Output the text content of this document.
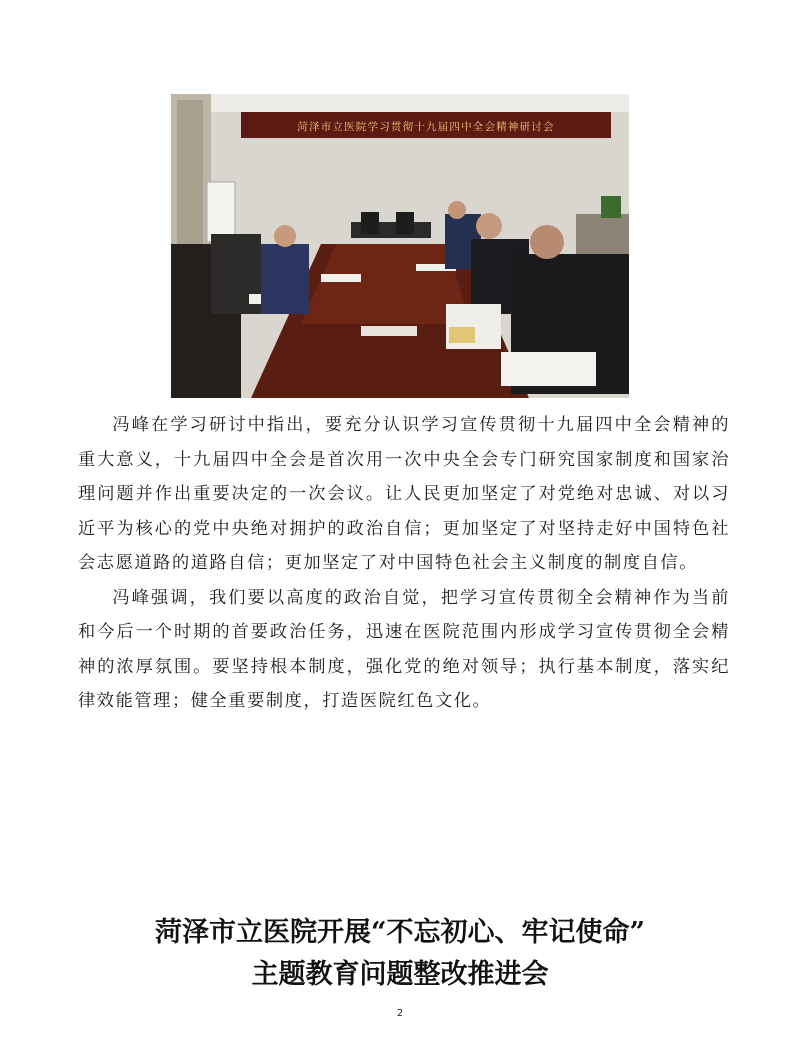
菏泽市立医院学习贯彻十九届四中全会精神研讨会

冯峰在学习研讨中指出，要充分认识学习宣传贯彻十九届四中全会精神的重大意义，十九届四中全会是首次用一次中央全会专门研究国家制度和国家治理问题并作出重要决定的一次会议。让人民更加坚定了对党绝对忠诚、对以习近平为核心的党中央绝对拥护的政治自信；更加坚定了对坚持走好中国特色社会志愿道路的道路自信；更加坚定了对中国特色社会主义制度的制度自信。

冯峰强调，我们要以高度的政治自觉，把学习宣传贯彻全会精神作为当前和今后一个时期的首要政治任务，迅速在医院范围内形成学习宣传贯彻全会精神的浓厚氛围。要坚持根本制度，强化党的绝对领导；执行基本制度，落实纪律效能管理；健全重要制度，打造医院红色文化。

菏泽市立医院开展“不忘初心、牢记使命”
主题教育问题整改推进会
2
